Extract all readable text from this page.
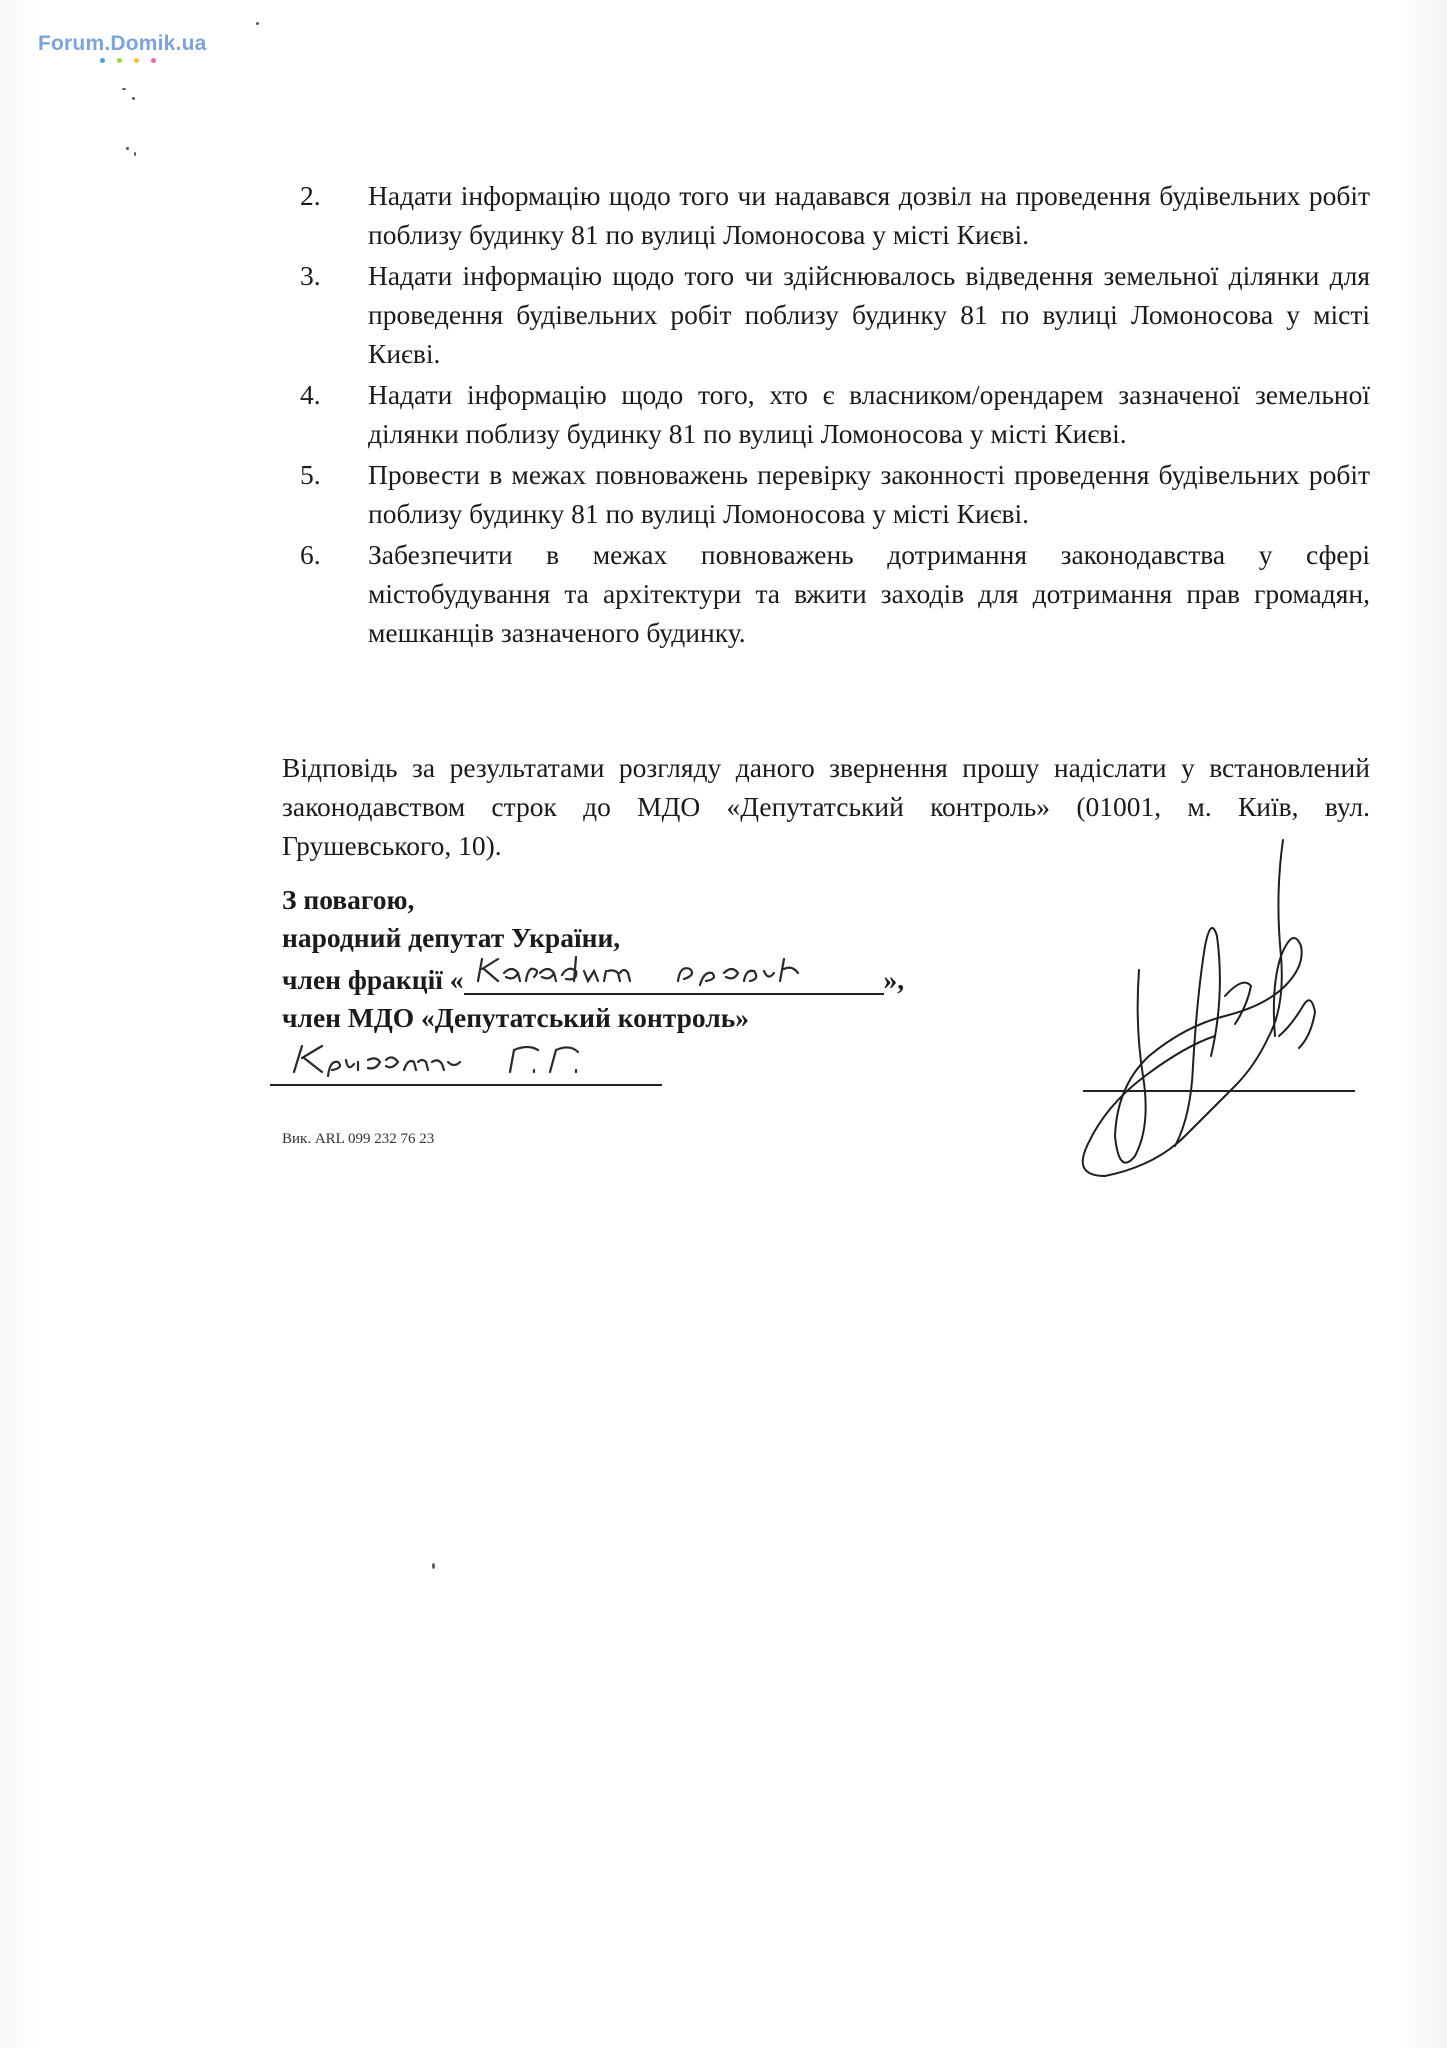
Forum.Domik.ua
2. Надати інформацію щодо того чи надавався дозвіл на проведення будівельних робіт поблизу будинку 81 по вулиці Ломоносова у місті Києві.
3. Надати інформацію щодо того чи здійснювалось відведення земельної ділянки для проведення будівельних робіт поблизу будинку 81 по вулиці Ломоносова у місті Києві.
4. Надати інформацію щодо того, хто є власником/орендарем зазначеної земельної ділянки поблизу будинку 81 по вулиці Ломоносова у місті Києві.
5. Провести в межах повноважень перевірку законності проведення будівельних робіт поблизу будинку 81 по вулиці Ломоносова у місті Києві.
6. Забезпечити в межах повноважень дотримання законодавства у сфері містобудування та архітектури та вжити заходів для дотримання прав громадян, мешканців зазначеного будинку.

Відповідь за результатами розгляду даного звернення прошу надіслати у встановлений законодавством строк до МДО «Депутатський контроль» (01001, м. Київ, вул. Грушевського, 10).

З повагою,
народний депутат України,
член фракції «	»,
член МДО «Депутатський контроль»
Вик. ARL 099 232 76 23
